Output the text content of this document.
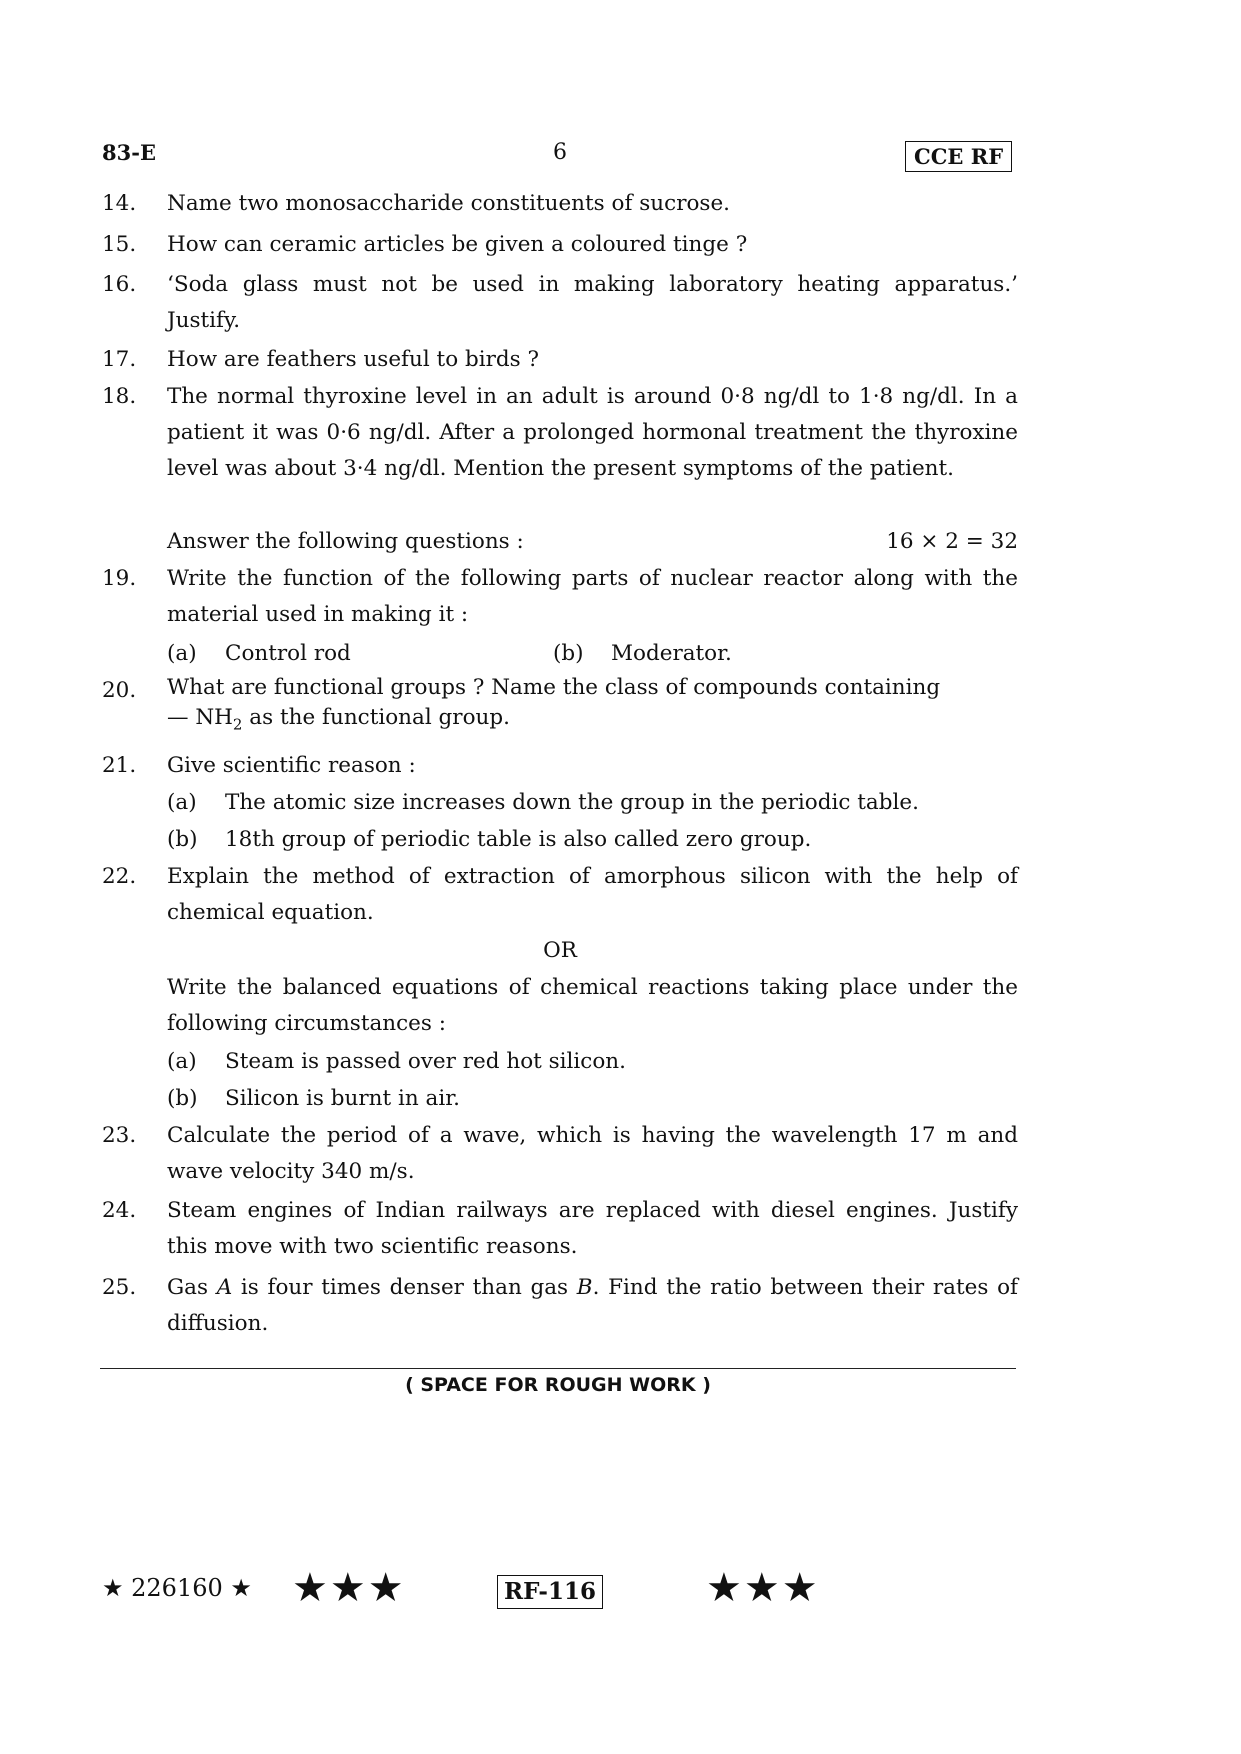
83-E	6	CCE RF
14.	Name two monosaccharide constituents of sucrose.
15.	How can ceramic articles be given a coloured tinge ?
16.	‘Soda glass must not be used in making laboratory heating apparatus.’ Justify.
17.	How are feathers useful to birds ?
18.	The normal thyroxine level in an adult is around 0·8 ng/dl to 1·8 ng/dl. In a patient it was 0·6 ng/dl. After a prolonged hormonal treatment the thyroxine level was about 3·4 ng/dl. Mention the present symptoms of the patient.
Answer the following questions :	16 × 2 = 32
19.	Write the function of the following parts of nuclear reactor along with the material used in making it :
(a) Control rod	(b) Moderator.
20.	What are functional groups ? Name the class of compounds containing
— $NH_2$ as the functional group.
21.	Give scientific reason :
(a) The atomic size increases down the group in the periodic table.
(b) 18th group of periodic table is also called zero group.
22.	Explain the method of extraction of amorphous silicon with the help of chemical equation.
OR
Write the balanced equations of chemical reactions taking place under the following circumstances :
(a) Steam is passed over red hot silicon.
(b) Silicon is burnt in air.
23.	Calculate the period of a wave, which is having the wavelength 17 m and wave velocity 340 m/s.
24.	Steam engines of Indian railways are replaced with diesel engines. Justify this move with two scientific reasons.
25.	Gas A is four times denser than gas B. Find the ratio between their rates of diffusion.
( SPACE FOR ROUGH WORK )
★ 226160 ★ ★★★	RF-116	★★★
